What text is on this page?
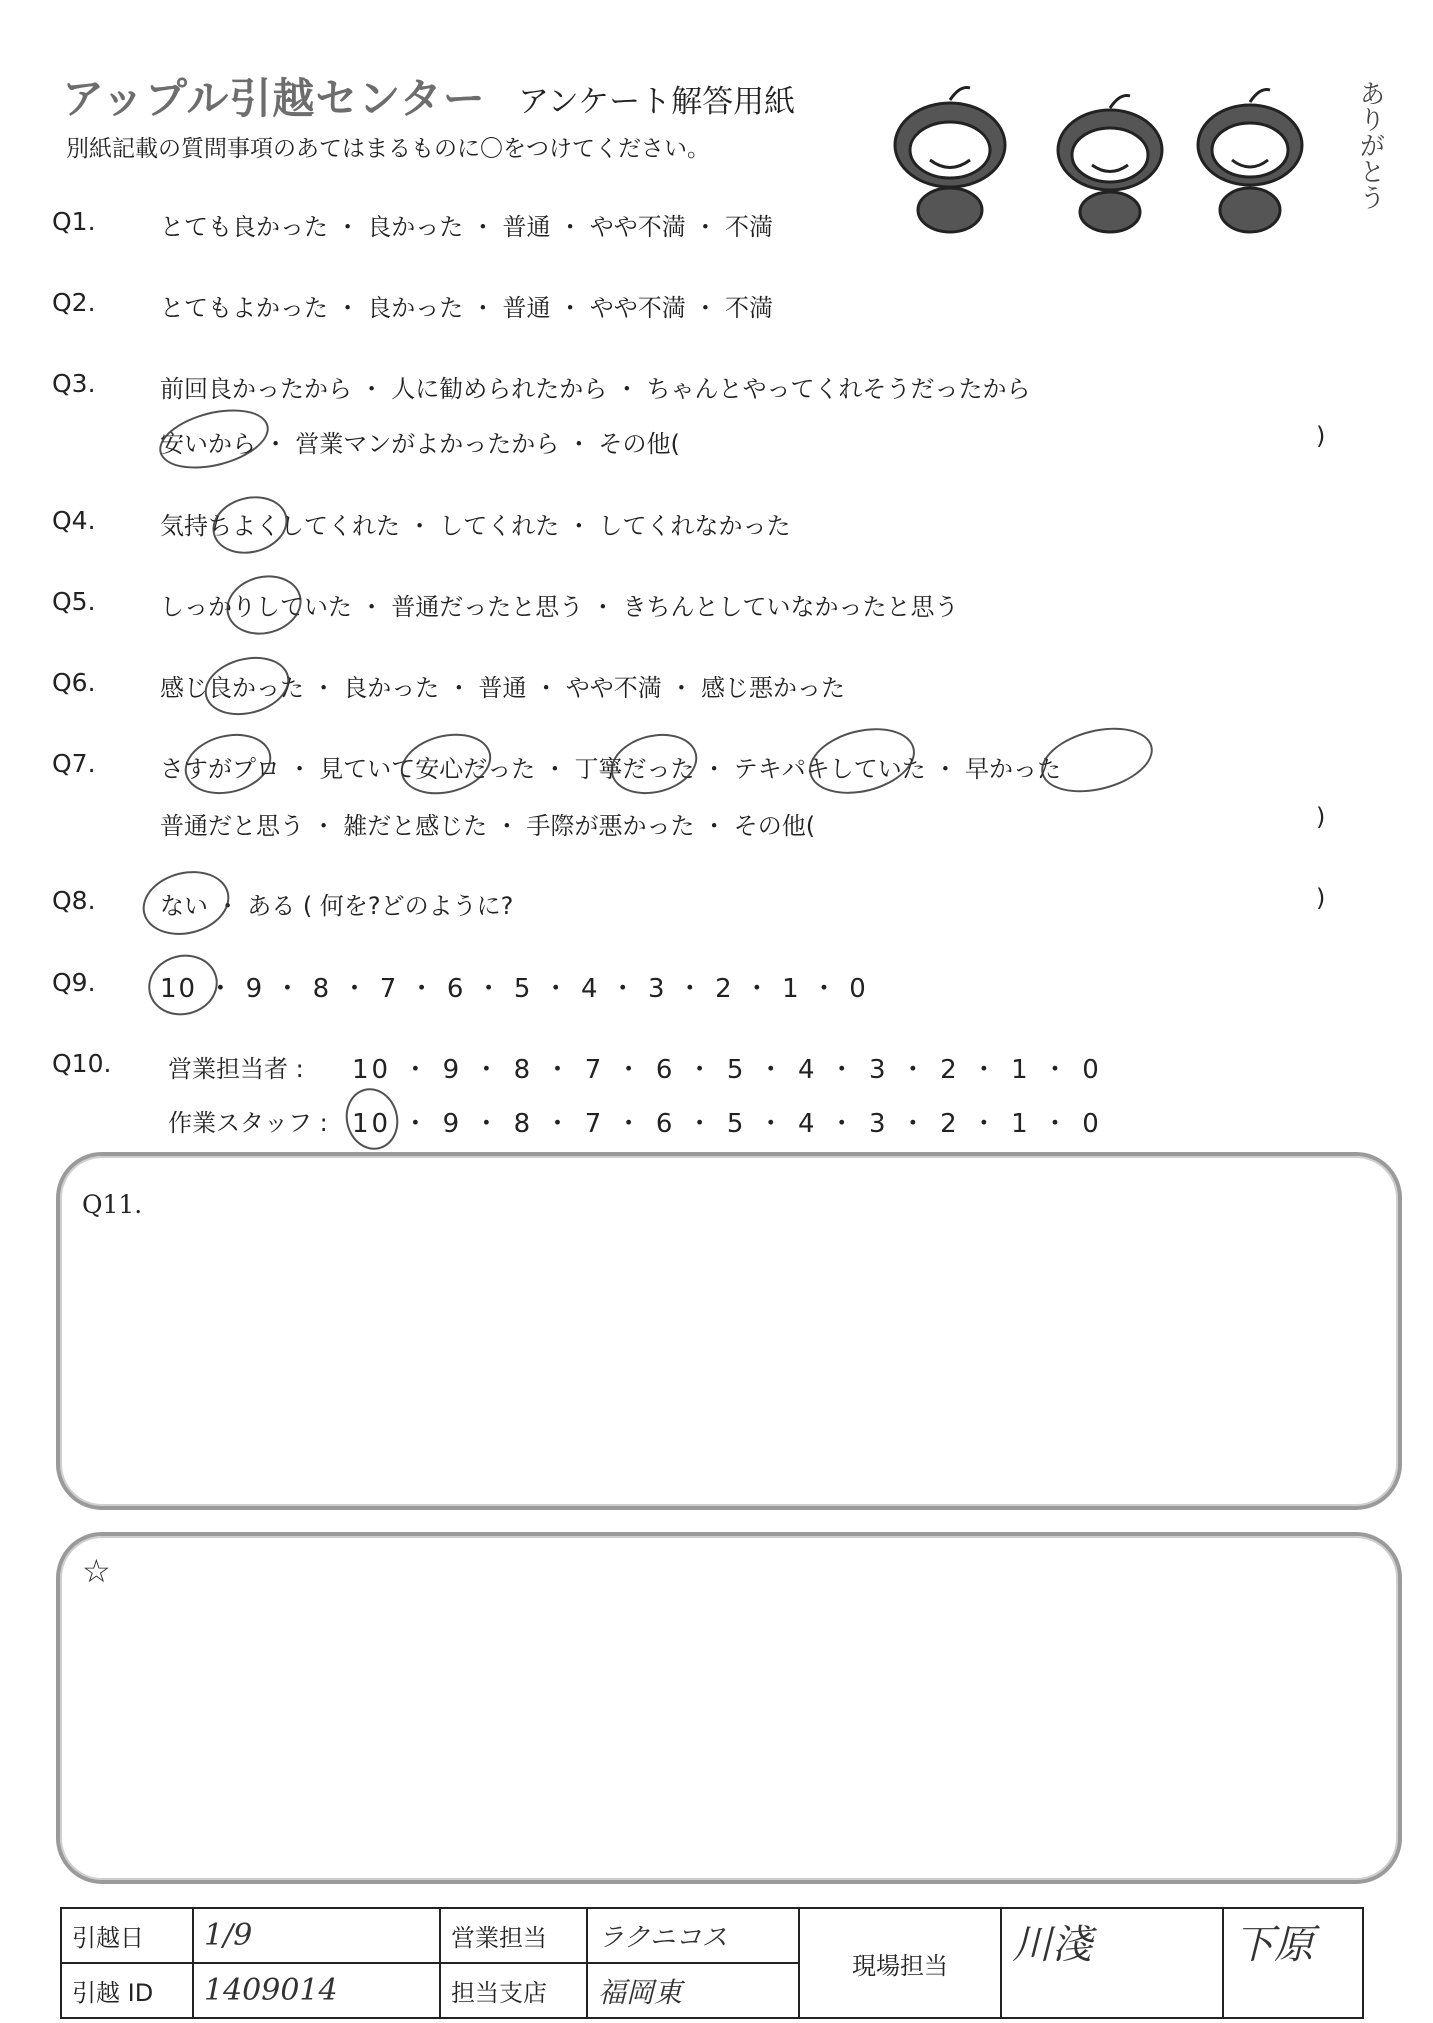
アップル引越センター アンケート解答用紙
別紙記載の質問事項のあてはまるものに〇をつけてください。	ありがとう
Q1.	とても良かった ・ 良かった ・ 普通 ・ やや不満 ・ 不満
Q2.	とてもよかった ・ 良かった ・ 普通 ・ やや不満 ・ 不満
Q3.	前回良かったから ・ 人に勧められたから ・ ちゃんとやってくれそうだったから
安いから ・ 営業マンがよかったから ・ その他(	)
Q4.	気持ちよくしてくれた ・ してくれた ・ してくれなかった
Q5.	しっかりしていた ・ 普通だったと思う ・ きちんとしていなかったと思う
Q6.	感じ良かった ・ 良かった ・ 普通 ・ やや不満 ・ 感じ悪かった
Q7.	さすがプロ ・ 見ていて安心だった ・ 丁寧だった ・ テキパキしていた ・ 早かった
普通だと思う ・ 雑だと感じた ・ 手際が悪かった ・ その他(	)
Q8.	ない ・ ある ( 何を?どのように?	)
Q9. 10 ・ 9 ・ 8 ・ 7 ・ 6 ・ 5 ・ 4 ・ 3 ・ 2 ・ 1 ・ 0
Q10. 営業担当者 : 10 ・ 9 ・ 8 ・ 7 ・ 6 ・ 5 ・ 4 ・ 3 ・ 2 ・ 1 ・ 0
作業スタッフ : 10 ・ 9 ・ 8 ・ 7 ・ 6 ・ 5 ・ 4 ・ 3 ・ 2 ・ 1 ・ 0
Q11.
☆
引越日	1/9	営業担当	ラクニコス	現場担当	川淺	下原
引越 ID	1409014	担当支店	福岡東			
